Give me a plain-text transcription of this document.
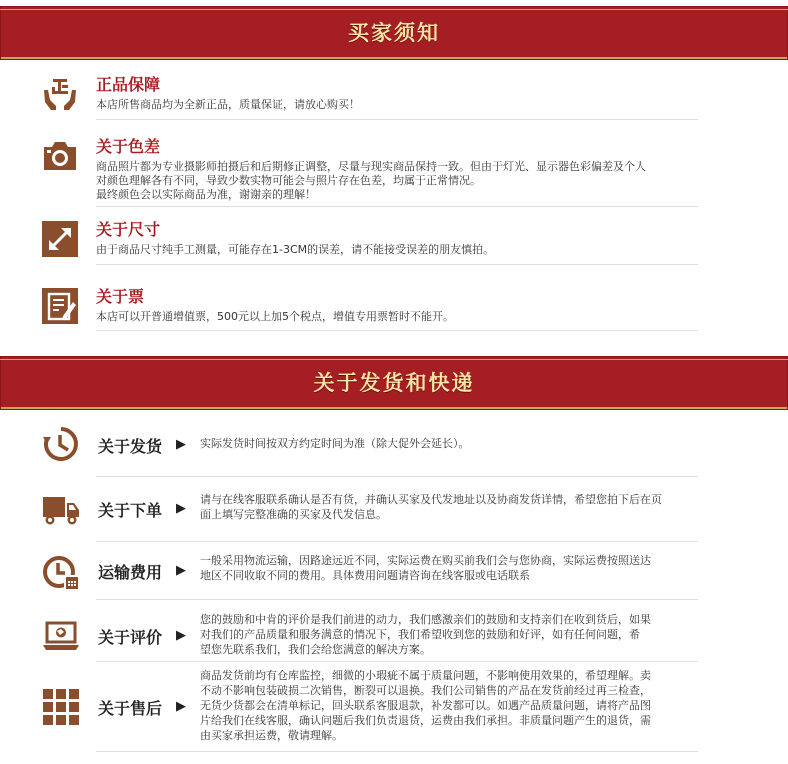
买家须知
正品保障
本店所售商品均为全新正品，质量保证，请放心购买！
关于色差
商品照片都为专业摄影师拍摄后和后期修正调整，尽量与现实商品保持一致。但由于灯光、显示器色彩偏差及个人
对颜色理解各有不同，导致少数实物可能会与照片存在色差，均属于正常情况。
最终颜色会以实际商品为准，谢谢亲的理解！
关于尺寸
由于商品尺寸纯手工测量，可能存在1-3CM的误差，请不能接受误差的朋友慎拍。
关于票
本店可以开普通增值票，500元以上加5个税点，增值专用票暂时不能开。
关于发货和快递
关于发货 ▶ 实际发货时间按双方约定时间为准（除大促外会延长）。
关于下单 ▶
请与在线客服联系确认是否有货，并确认买家及代发地址以及协商发货详情，希望您拍下后在页
面上填写完整准确的买家及代发信息。
运输费用 ▶
一般采用物流运输，因路途远近不同，实际运费在购买前我们会与您协商，实际运费按照送达
地区不同收取不同的费用。具体费用问题请咨询在线客服或电话联系
关于评价 ▶
您的鼓励和中肯的评价是我们前进的动力，我们感激亲们的鼓励和支持亲们在收到货后，如果
对我们的产品质量和服务满意的情况下，我们希望收到您的鼓励和好评，如有任何问题，希
望您先联系我们，我们会给您满意的解决方案。
关于售后 ▶
商品发货前均有仓库监控，细微的小瑕疵不属于质量问题，不影响使用效果的，希望理解。卖
不动不影响包装破损二次销售，断裂可以退换。我们公司销售的产品在发货前经过再三检查，
无货少货都会在清单标记，回头联系客服退款，补发都可以。如遇产品质量问题，请将产品图
片给我们在线客服，确认问题后我们负责退货，运费由我们承担。非质量问题产生的退货，需
由买家承担运费，敬请理解。
